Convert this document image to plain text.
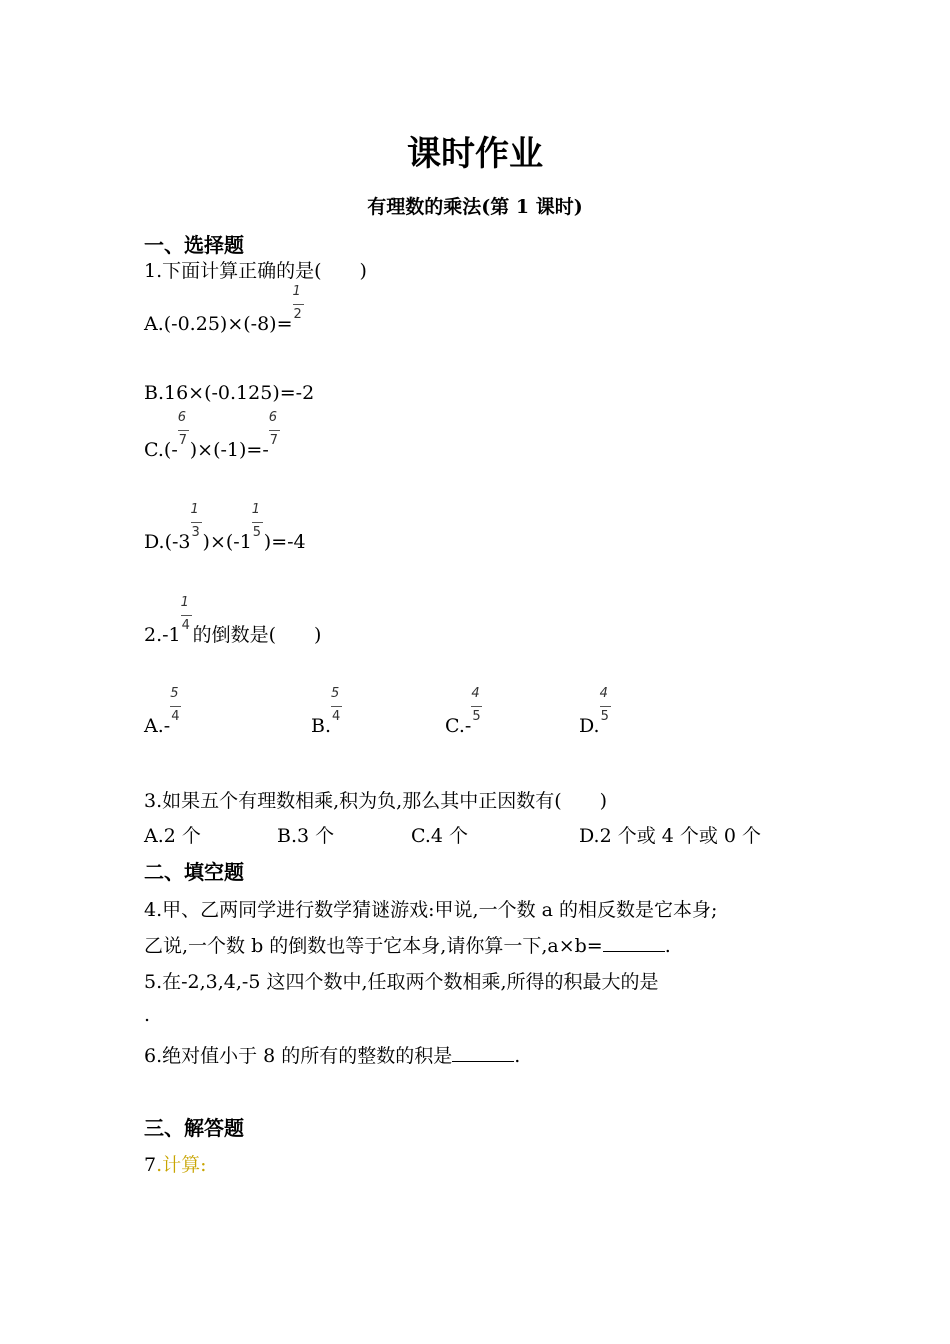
课时作业
有理数的乘法(第 1 课时)
一、选择题
1.下面计算正确的是(　　)
$A.(-0.25)\times(-8)= \frac{1}{2}$
B.16×(-0.125)=-2
$C.(- \frac{6}{7} )\times(-1)=- \frac{6}{7}$
$D.(-3 \frac{1}{3} )\times(-1 \frac{1}{5} )=-4$
$2.-1 \frac{1}{4}$ 的倒数是(　　)
$A.- \frac{5}{4}$	B. $\frac{5}{4}$	$C.- \frac{4}{5}$	D. $\frac{4}{5}$
3.如果五个有理数相乘,积为负,那么其中正因数有(　　)
A.2 个	B.3 个	C.4 个	D.2 个或 4 个或 0 个
二、填空题
4.甲、乙两同学进行数学猜谜游戏:甲说,一个数 a 的相反数是它本身;
乙说,一个数 b 的倒数也等于它本身,请你算一下,a×b=	.
5.在-2,3,4,-5 这四个数中,任取两个数相乘,所得的积最大的是
.
6.绝对值小于 8 的所有的整数的积是	.
三、解答题
7.计算:
